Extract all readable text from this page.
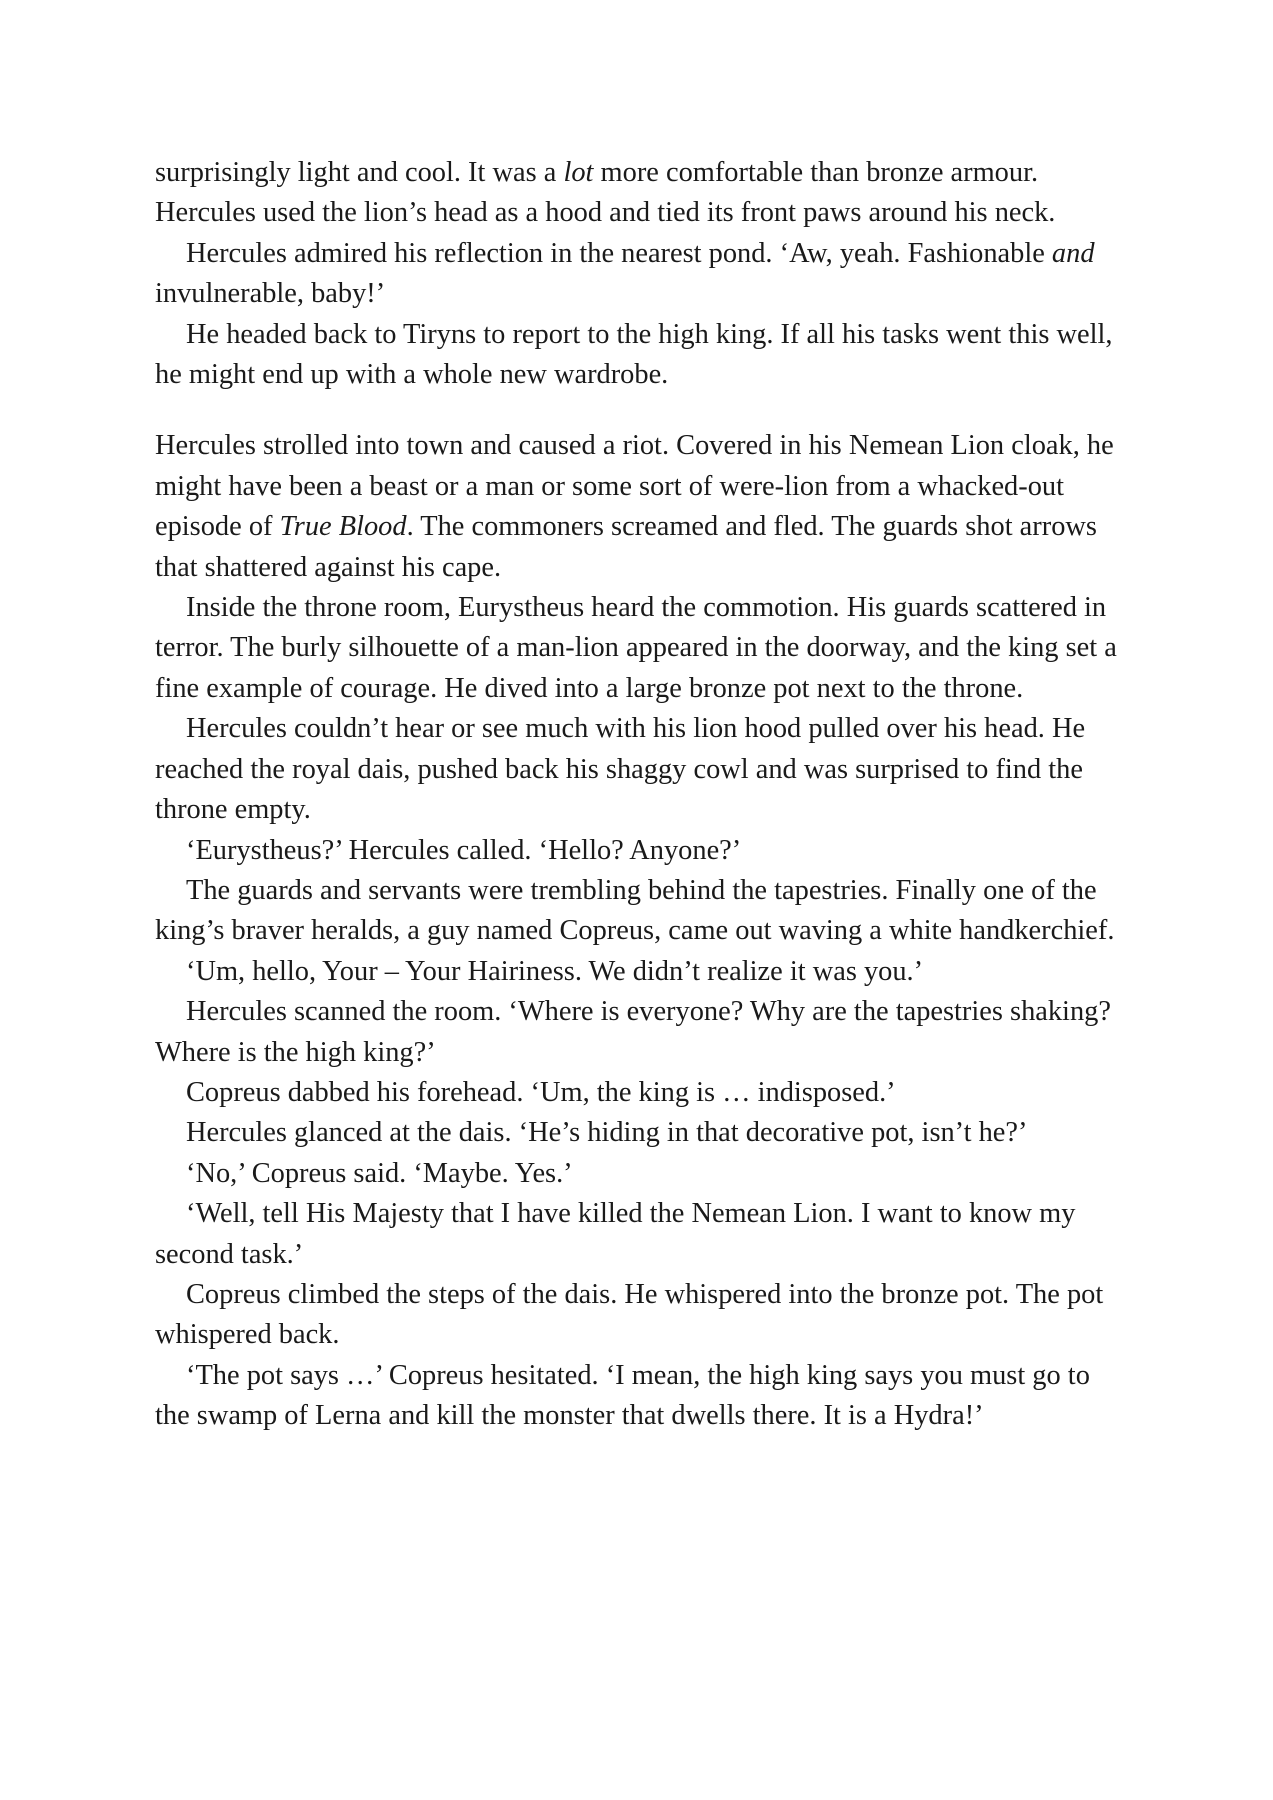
surprisingly light and cool. It was a lot more comfortable than bronze armour. Hercules used the lion’s head as a hood and tied its front paws around his neck.

Hercules admired his reflection in the nearest pond. ‘Aw, yeah. Fashionable and invulnerable, baby!’

He headed back to Tiryns to report to the high king. If all his tasks went this well, he might end up with a whole new wardrobe.

Hercules strolled into town and caused a riot. Covered in his Nemean Lion cloak, he might have been a beast or a man or some sort of were-lion from a whacked-out episode of True Blood. The commoners screamed and fled. The guards shot arrows that shattered against his cape.

Inside the throne room, Eurystheus heard the commotion. His guards scattered in terror. The burly silhouette of a man-lion appeared in the doorway, and the king set a fine example of courage. He dived into a large bronze pot next to the throne.

Hercules couldn’t hear or see much with his lion hood pulled over his head. He reached the royal dais, pushed back his shaggy cowl and was surprised to find the throne empty.

‘Eurystheus?’ Hercules called. ‘Hello? Anyone?’

The guards and servants were trembling behind the tapestries. Finally one of the king’s braver heralds, a guy named Copreus, came out waving a white handkerchief.

‘Um, hello, Your – Your Hairiness. We didn’t realize it was you.’

Hercules scanned the room. ‘Where is everyone? Why are the tapestries shaking? Where is the high king?’

Copreus dabbed his forehead. ‘Um, the king is … indisposed.’

Hercules glanced at the dais. ‘He’s hiding in that decorative pot, isn’t he?’

‘No,’ Copreus said. ‘Maybe. Yes.’

‘Well, tell His Majesty that I have killed the Nemean Lion. I want to know my second task.’

Copreus climbed the steps of the dais. He whispered into the bronze pot. The pot whispered back.

‘The pot says …’ Copreus hesitated. ‘I mean, the high king says you must go to the swamp of Lerna and kill the monster that dwells there. It is a Hydra!’
